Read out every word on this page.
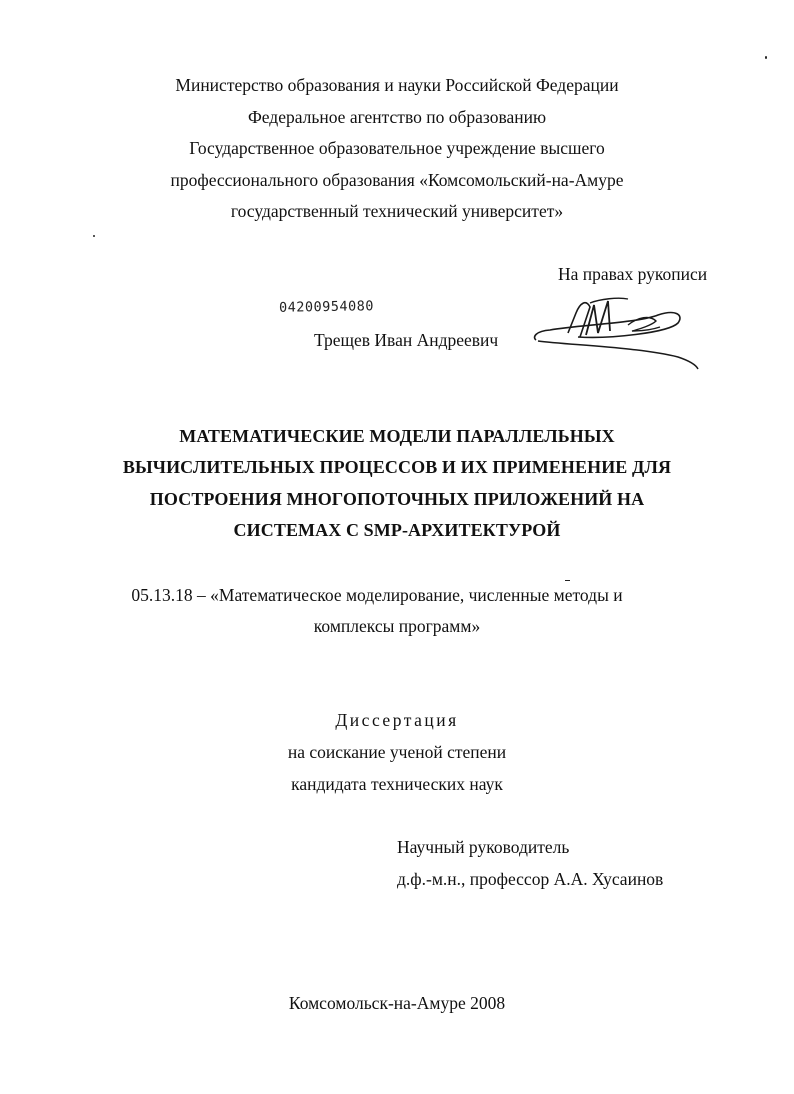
Министерство образования и науки Российской Федерации
Федеральное агентство по образованию
Государственное образовательное учреждение высшего
профессионального образования «Комсомольский-на-Амуре
государственный технический университет»
На правах рукописи
04200954080
Трещев Иван Андреевич
МАТЕМАТИЧЕСКИЕ МОДЕЛИ ПАРАЛЛЕЛЬНЫХ
ВЫЧИСЛИТЕЛЬНЫХ ПРОЦЕССОВ И ИХ ПРИМЕНЕНИЕ ДЛЯ
ПОСТРОЕНИЯ МНОГОПОТОЧНЫХ ПРИЛОЖЕНИЙ НА
СИСТЕМАХ С SMP-АРХИТЕКТУРОЙ
05.13.18 – «Математическое моделирование, численные методы и
комплексы программ»
Диссертация
на соискание ученой степени
кандидата технических наук
Научный руководитель
д.ф.-м.н., профессор А.А. Хусаинов
Комсомольск-на-Амуре 2008
